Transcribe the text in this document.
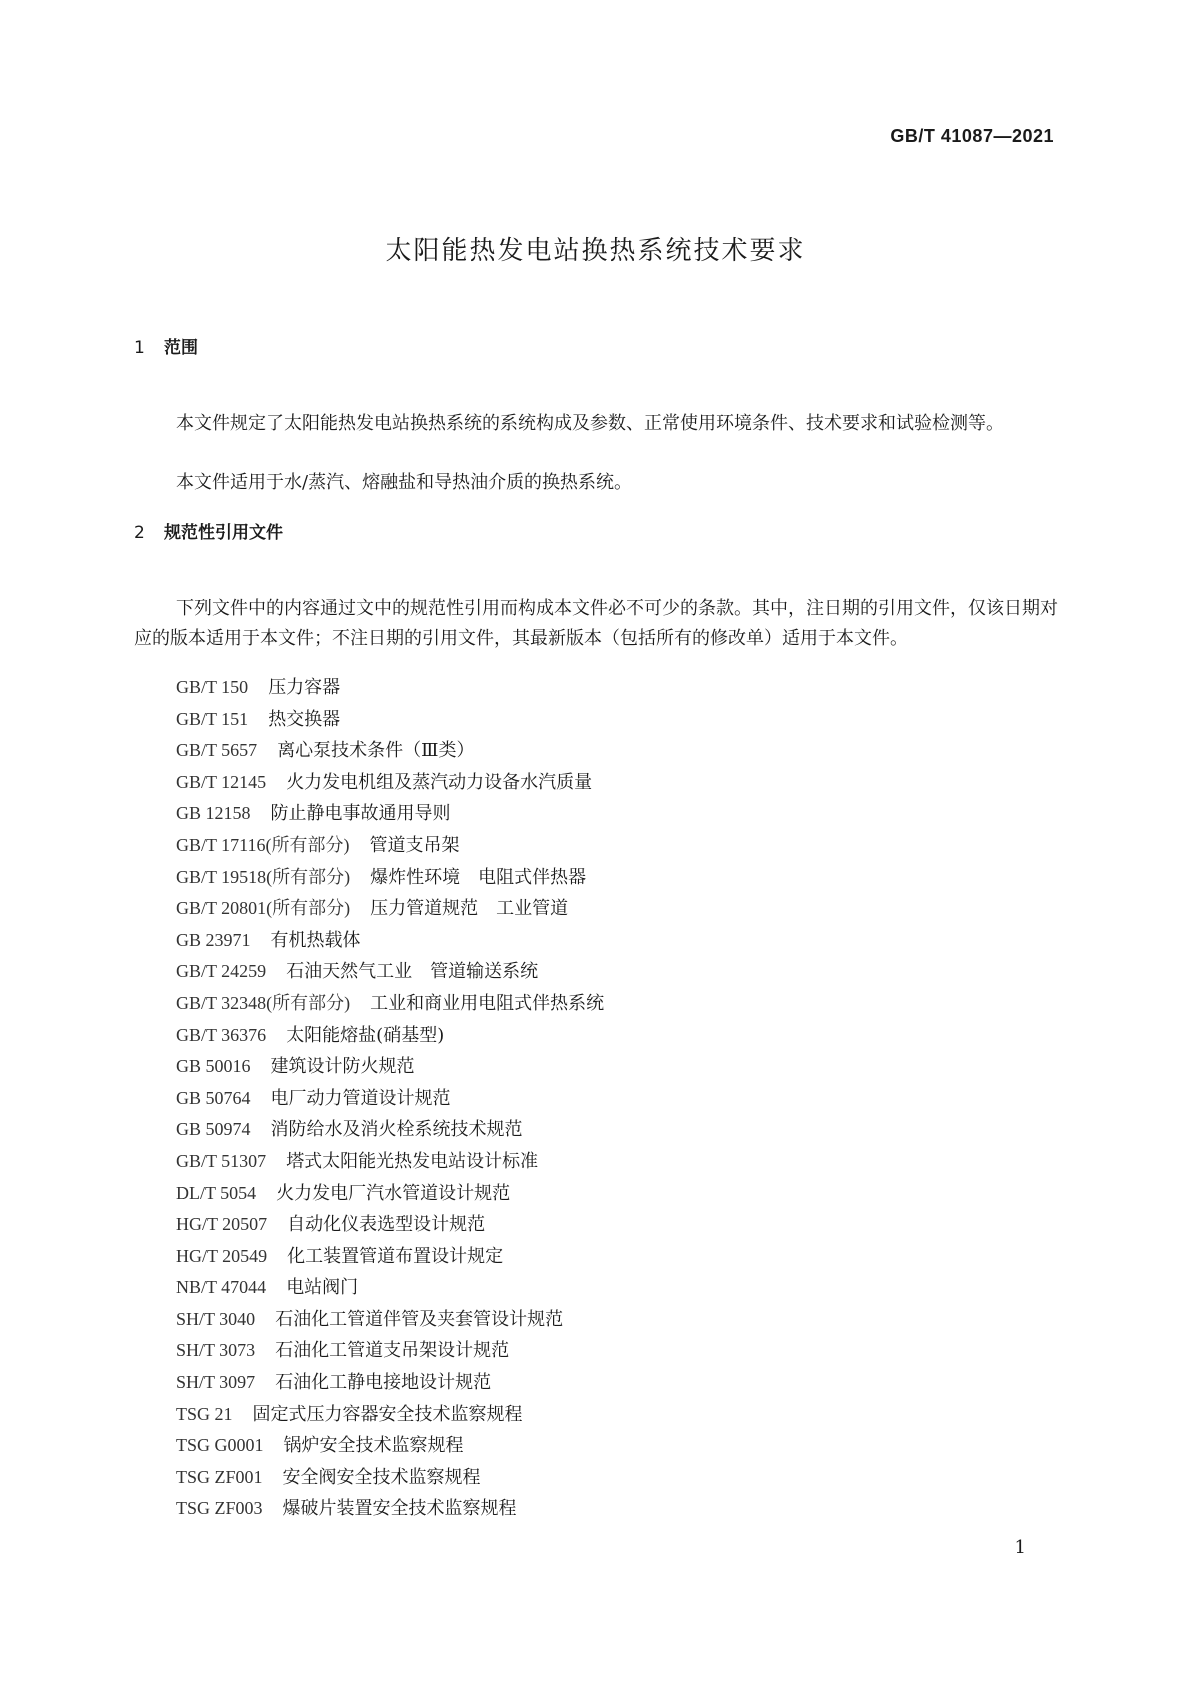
GB/T 41087—2021
太阳能热发电站换热系统技术要求
1 范围

本文件规定了太阳能热发电站换热系统的系统构成及参数、正常使用环境条件、技术要求和试验检测等。

本文件适用于水/蒸汽、熔融盐和导热油介质的换热系统。

2 规范性引用文件

下列文件中的内容通过文中的规范性引用而构成本文件必不可少的条款。其中，注日期的引用文件，仅该日期对应的版本适用于本文件；不注日期的引用文件，其最新版本（包括所有的修改单）适用于本文件。

GB/T 150 压力容器
GB/T 151 热交换器
GB/T 5657 离心泵技术条件（Ⅲ类）
GB/T 12145 火力发电机组及蒸汽动力设备水汽质量
GB 12158 防止静电事故通用导则
GB/T 17116(所有部分) 管道支吊架
GB/T 19518(所有部分) 爆炸性环境　电阻式伴热器
GB/T 20801(所有部分) 压力管道规范　工业管道
GB 23971 有机热载体
GB/T 24259 石油天然气工业　管道输送系统
GB/T 32348(所有部分) 工业和商业用电阻式伴热系统
GB/T 36376 太阳能熔盐(硝基型)
GB 50016 建筑设计防火规范
GB 50764 电厂动力管道设计规范
GB 50974 消防给水及消火栓系统技术规范
GB/T 51307 塔式太阳能光热发电站设计标准
DL/T 5054 火力发电厂汽水管道设计规范
HG/T 20507 自动化仪表选型设计规范
HG/T 20549 化工装置管道布置设计规定
NB/T 47044 电站阀门
SH/T 3040 石油化工管道伴管及夹套管设计规范
SH/T 3073 石油化工管道支吊架设计规范
SH/T 3097 石油化工静电接地设计规范
TSG 21 固定式压力容器安全技术监察规程
TSG G0001 锅炉安全技术监察规程
TSG ZF001 安全阀安全技术监察规程
TSG ZF003 爆破片装置安全技术监察规程
1
